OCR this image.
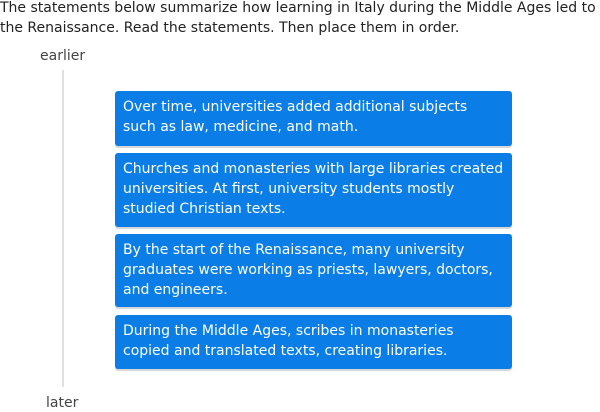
The statements below summarize how learning in Italy during the Middle Ages led to the Renaissance. Read the statements. Then place them in order.

earlier
later
Over time, universities added additional subjects such as law, medicine, and math.
Churches and monasteries with large libraries created universities. At first, university students mostly studied Christian texts.
By the start of the Renaissance, many university graduates were working as priests, lawyers, doctors, and engineers.
During the Middle Ages, scribes in monasteries copied and translated texts, creating libraries.
